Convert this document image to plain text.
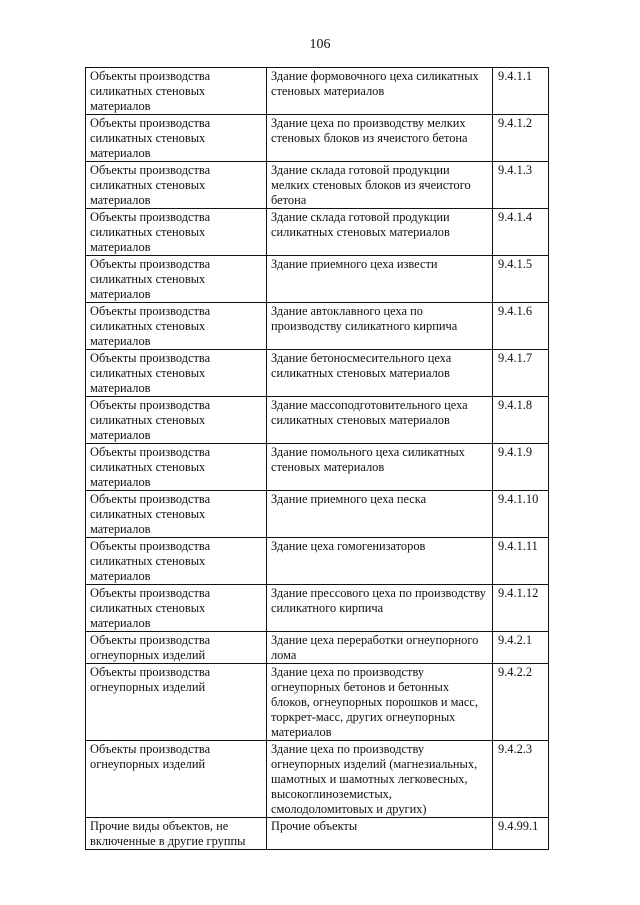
106
Объекты производства силикатных стеновых материалов	Здание формовочного цеха силикатных стеновых материалов	9.4.1.1

Объекты производства силикатных стеновых материалов	Здание цеха по производству мелких стеновых блоков из ячеистого бетона	9.4.1.2

Объекты производства силикатных стеновых материалов	Здание склада готовой продукции мелких стеновых блоков из ячеистого бетона	9.4.1.3

Объекты производства силикатных стеновых материалов	Здание склада готовой продукции силикатных стеновых материалов	9.4.1.4

Объекты производства силикатных стеновых материалов	Здание приемного цеха извести	9.4.1.5

Объекты производства силикатных стеновых материалов	Здание автоклавного цеха по производству силикатного кирпича	9.4.1.6

Объекты производства силикатных стеновых материалов	Здание бетоносмесительного цеха силикатных стеновых материалов	9.4.1.7

Объекты производства силикатных стеновых материалов	Здание массоподготовительного цеха силикатных стеновых материалов	9.4.1.8

Объекты производства силикатных стеновых материалов	Здание помольного цеха силикатных стеновых материалов	9.4.1.9

Объекты производства силикатных стеновых материалов	Здание приемного цеха песка	9.4.1.10

Объекты производства силикатных стеновых материалов	Здание цеха гомогенизаторов	9.4.1.11

Объекты производства силикатных стеновых материалов	Здание прессового цеха по производству силикатного кирпича	9.4.1.12

Объекты производства огнеупорных изделий	Здание цеха переработки огнеупорного лома	9.4.2.1

Объекты производства огнеупорных изделий	Здание цеха по производству огнеупорных бетонов и бетонных блоков, огнеупорных порошков и масс, торкрет-масс, других огнеупорных материалов	9.4.2.2

Объекты производства огнеупорных изделий	Здание цеха по производству огнеупорных изделий (магнезиальных, шамотных и шамотных легковесных, высокоглиноземистых, смолодоломитовых и других)	9.4.2.3

Прочие виды объектов, не включенные в другие группы	Прочие объекты	9.4.99.1
